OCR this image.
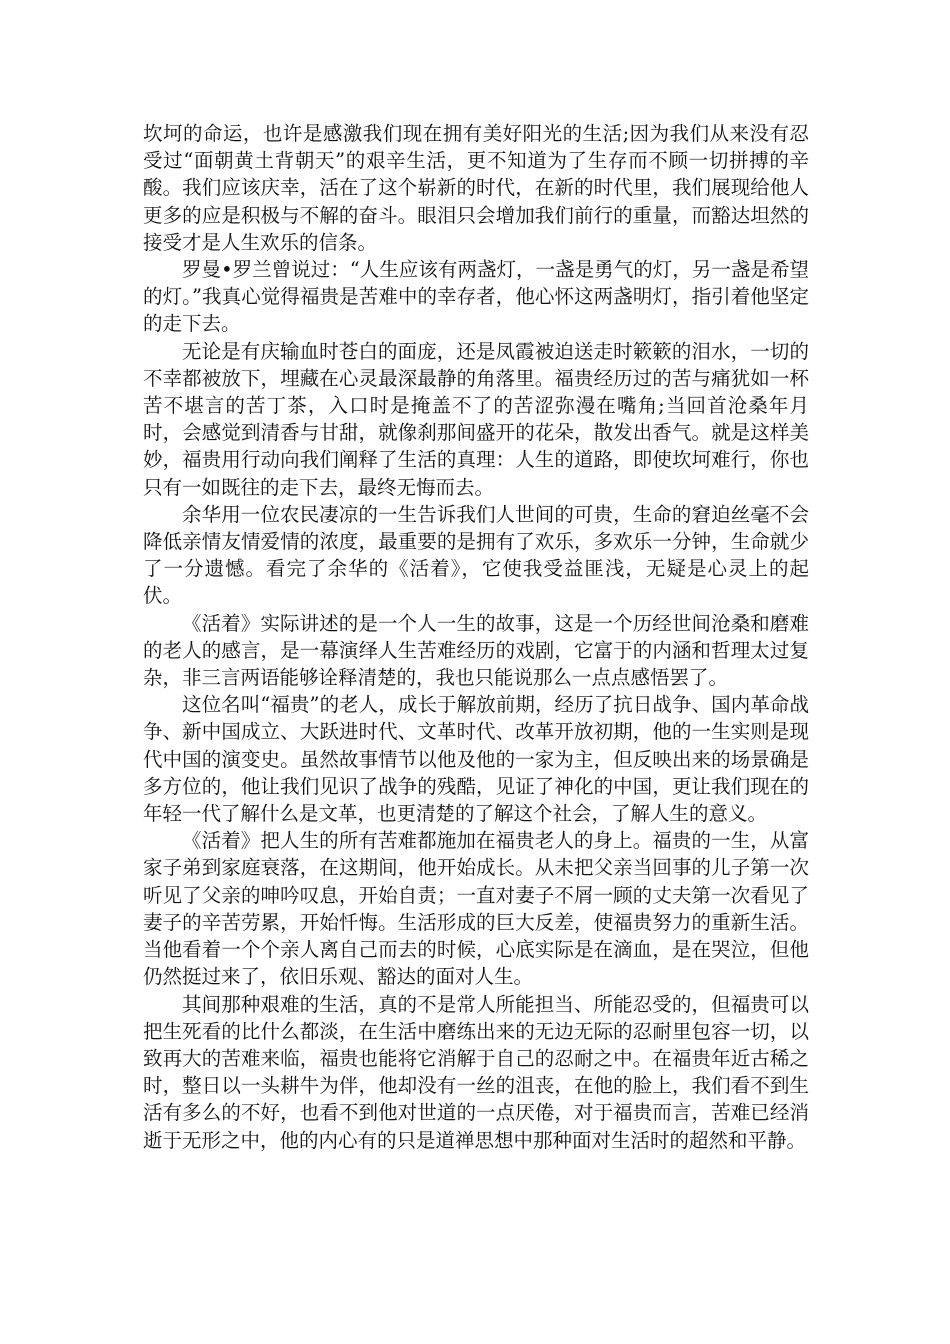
坎坷的命运，也许是感激我们现在拥有美好阳光的生活;因为我们从来没有忍受过“面朝黄土背朝天”的艰辛生活，更不知道为了生存而不顾一切拼搏的辛酸。我们应该庆幸，活在了这个崭新的时代，在新的时代里，我们展现给他人更多的应是积极与不解的奋斗。眼泪只会增加我们前行的重量，而豁达坦然的接受才是人生欢乐的信条。

罗曼•罗兰曾说过：“人生应该有两盏灯，一盏是勇气的灯，另一盏是希望的灯。”我真心觉得福贵是苦难中的幸存者，他心怀这两盏明灯，指引着他坚定的走下去。

无论是有庆输血时苍白的面庞，还是凤霞被迫送走时簌簌的泪水，一切的不幸都被放下，埋藏在心灵最深最静的角落里。福贵经历过的苦与痛犹如一杯苦不堪言的苦丁茶，入口时是掩盖不了的苦涩弥漫在嘴角;当回首沧桑年月时，会感觉到清香与甘甜，就像刹那间盛开的花朵，散发出香气。就是这样美妙，福贵用行动向我们阐释了生活的真理：人生的道路，即使坎坷难行，你也只有一如既往的走下去，最终无悔而去。

余华用一位农民凄凉的一生告诉我们人世间的可贵，生命的窘迫丝毫不会降低亲情友情爱情的浓度，最重要的是拥有了欢乐，多欢乐一分钟，生命就少了一分遗憾。看完了余华的《活着》，它使我受益匪浅，无疑是心灵上的起伏。

《活着》实际讲述的是一个人一生的故事，这是一个历经世间沧桑和磨难的老人的感言，是一幕演绎人生苦难经历的戏剧，它富于的内涵和哲理太过复杂，非三言两语能够诠释清楚的，我也只能说那么一点点感悟罢了。

这位名叫“福贵”的老人，成长于解放前期，经历了抗日战争、国内革命战争、新中国成立、大跃进时代、文革时代、改革开放初期，他的一生实则是现代中国的演变史。虽然故事情节以他及他的一家为主，但反映出来的场景确是多方位的，他让我们见识了战争的残酷，见证了神化的中国，更让我们现在的年轻一代了解什么是文革，也更清楚的了解这个社会，了解人生的意义。

《活着》把人生的所有苦难都施加在福贵老人的身上。福贵的一生，从富家子弟到家庭衰落，在这期间，他开始成长。从未把父亲当回事的儿子第一次听见了父亲的呻吟叹息，开始自责；一直对妻子不屑一顾的丈夫第一次看见了妻子的辛苦劳累，开始忏悔。生活形成的巨大反差，使福贵努力的重新生活。当他看着一个个亲人离自己而去的时候，心底实际是在滴血，是在哭泣，但他仍然挺过来了，依旧乐观、豁达的面对人生。

其间那种艰难的生活，真的不是常人所能担当、所能忍受的，但福贵可以把生死看的比什么都淡，在生活中磨练出来的无边无际的忍耐里包容一切，以致再大的苦难来临，福贵也能将它消解于自己的忍耐之中。在福贵年近古稀之时，整日以一头耕牛为伴，他却没有一丝的沮丧，在他的脸上，我们看不到生活有多么的不好，也看不到他对世道的一点厌倦，对于福贵而言，苦难已经消逝于无形之中，他的内心有的只是道禅思想中那种面对生活时的超然和平静。
